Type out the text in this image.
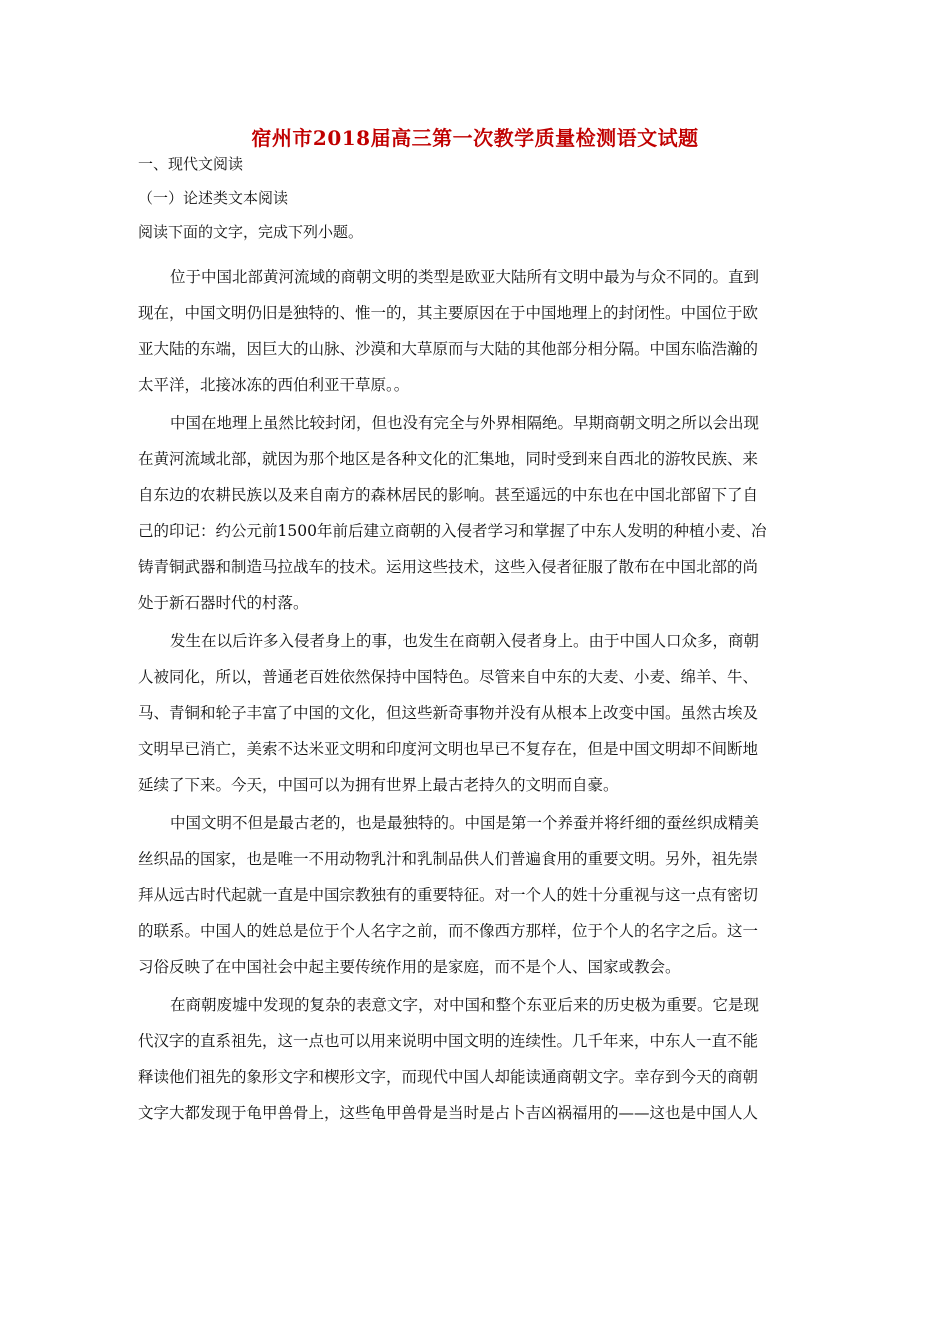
宿州市2018届高三第一次教学质量检测语文试题
一、现代文阅读
（一）论述类文本阅读
阅读下面的文字，完成下列小题。
位于中国北部黄河流域的商朝文明的类型是欧亚大陆所有文明中最为与众不同的。直到
现在，中国文明仍旧是独特的、惟一的，其主要原因在于中国地理上的封闭性。中国位于欧
亚大陆的东端，因巨大的山脉、沙漠和大草原而与大陆的其他部分相分隔。中国东临浩瀚的
太平洋，北接冰冻的西伯利亚干草原。。
中国在地理上虽然比较封闭，但也没有完全与外界相隔绝。早期商朝文明之所以会出现
在黄河流域北部，就因为那个地区是各种文化的汇集地，同时受到来自西北的游牧民族、来
自东边的农耕民族以及来自南方的森林居民的影响。甚至遥远的中东也在中国北部留下了自
己的印记：约公元前1500年前后建立商朝的入侵者学习和掌握了中东人发明的种植小麦、冶
铸青铜武器和制造马拉战车的技术。运用这些技术，这些入侵者征服了散布在中国北部的尚
处于新石器时代的村落。
发生在以后许多入侵者身上的事，也发生在商朝入侵者身上。由于中国人口众多，商朝
人被同化，所以，普通老百姓依然保持中国特色。尽管来自中东的大麦、小麦、绵羊、牛、
马、青铜和轮子丰富了中国的文化，但这些新奇事物并没有从根本上改变中国。虽然古埃及
文明早已消亡，美索不达米亚文明和印度河文明也早已不复存在，但是中国文明却不间断地
延续了下来。今天，中国可以为拥有世界上最古老持久的文明而自豪。
中国文明不但是最古老的，也是最独特的。中国是第一个养蚕并将纤细的蚕丝织成精美
丝织品的国家，也是唯一不用动物乳汁和乳制品供人们普遍食用的重要文明。另外，祖先崇
拜从远古时代起就一直是中国宗教独有的重要特征。对一个人的姓十分重视与这一点有密切
的联系。中国人的姓总是位于个人名字之前，而不像西方那样，位于个人的名字之后。这一
习俗反映了在中国社会中起主要传统作用的是家庭，而不是个人、国家或教会。
在商朝废墟中发现的复杂的表意文字，对中国和整个东亚后来的历史极为重要。它是现
代汉字的直系祖先，这一点也可以用来说明中国文明的连续性。几千年来，中东人一直不能
释读他们祖先的象形文字和楔形文字，而现代中国人却能读通商朝文字。幸存到今天的商朝
文字大都发现于龟甲兽骨上，这些龟甲兽骨是当时是占卜吉凶祸福用的——这也是中国人人
